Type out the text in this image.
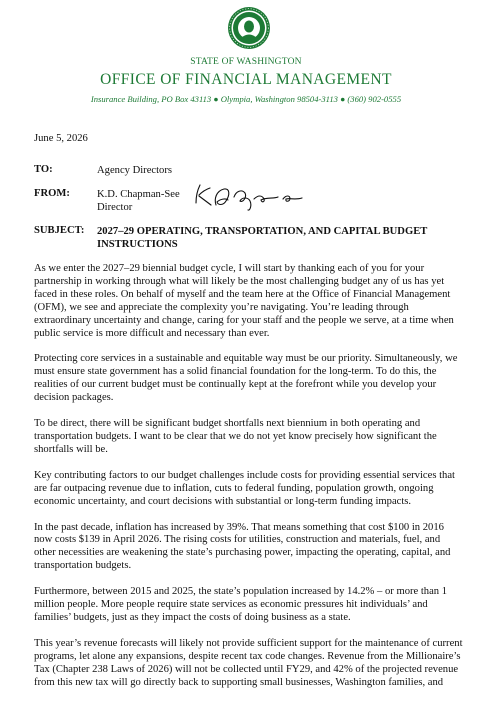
STATE OF WASHINGTON
OFFICE OF FINANCIAL MANAGEMENT
Insurance Building, PO Box 43113 ● Olympia, Washington 98504-3113 ● (360) 902-0555
June 5, 2026
TO:	Agency Directors
FROM:	K.D. Chapman-See
Director
SUBJECT: 2027–29 OPERATING, TRANSPORTATION, AND CAPITAL BUDGET INSTRUCTIONS

As we enter the 2027–29 biennial budget cycle, I will start by thanking each of you for your partnership in working through what will likely be the most challenging budget any of us has yet faced in these roles. On behalf of myself and the team here at the Office of Financial Management (OFM), we see and appreciate the complexity you’re navigating. You’re leading through extraordinary uncertainty and change, caring for your staff and the people we serve, at a time when public service is more difficult and necessary than ever.

Protecting core services in a sustainable and equitable way must be our priority. Simultaneously, we must ensure state government has a solid financial foundation for the long-term. To do this, the realities of our current budget must be continually kept at the forefront while you develop your decision packages.

To be direct, there will be significant budget shortfalls next biennium in both operating and transportation budgets. I want to be clear that we do not yet know precisely how significant the shortfalls will be.

Key contributing factors to our budget challenges include costs for providing essential services that are far outpacing revenue due to inflation, cuts to federal funding, population growth, ongoing economic uncertainty, and court decisions with substantial or long-term funding impacts.

In the past decade, inflation has increased by 39%. That means something that cost $100 in 2016 now costs $139 in April 2026. The rising costs for utilities, construction and materials, fuel, and other necessities are weakening the state’s purchasing power, impacting the operating, capital, and transportation budgets.

Furthermore, between 2015 and 2025, the state’s population increased by 14.2% – or more than 1 million people. More people require state services as economic pressures hit individuals’ and families’ budgets, just as they impact the costs of doing business as a state.

This year’s revenue forecasts will likely not provide sufficient support for the maintenance of current programs, let alone any expansions, despite recent tax code changes. Revenue from the Millionaire’s Tax (Chapter 238 Laws of 2026) will not be collected until FY29, and 42% of the projected revenue from this new tax will go directly back to supporting small businesses, Washington families, and
